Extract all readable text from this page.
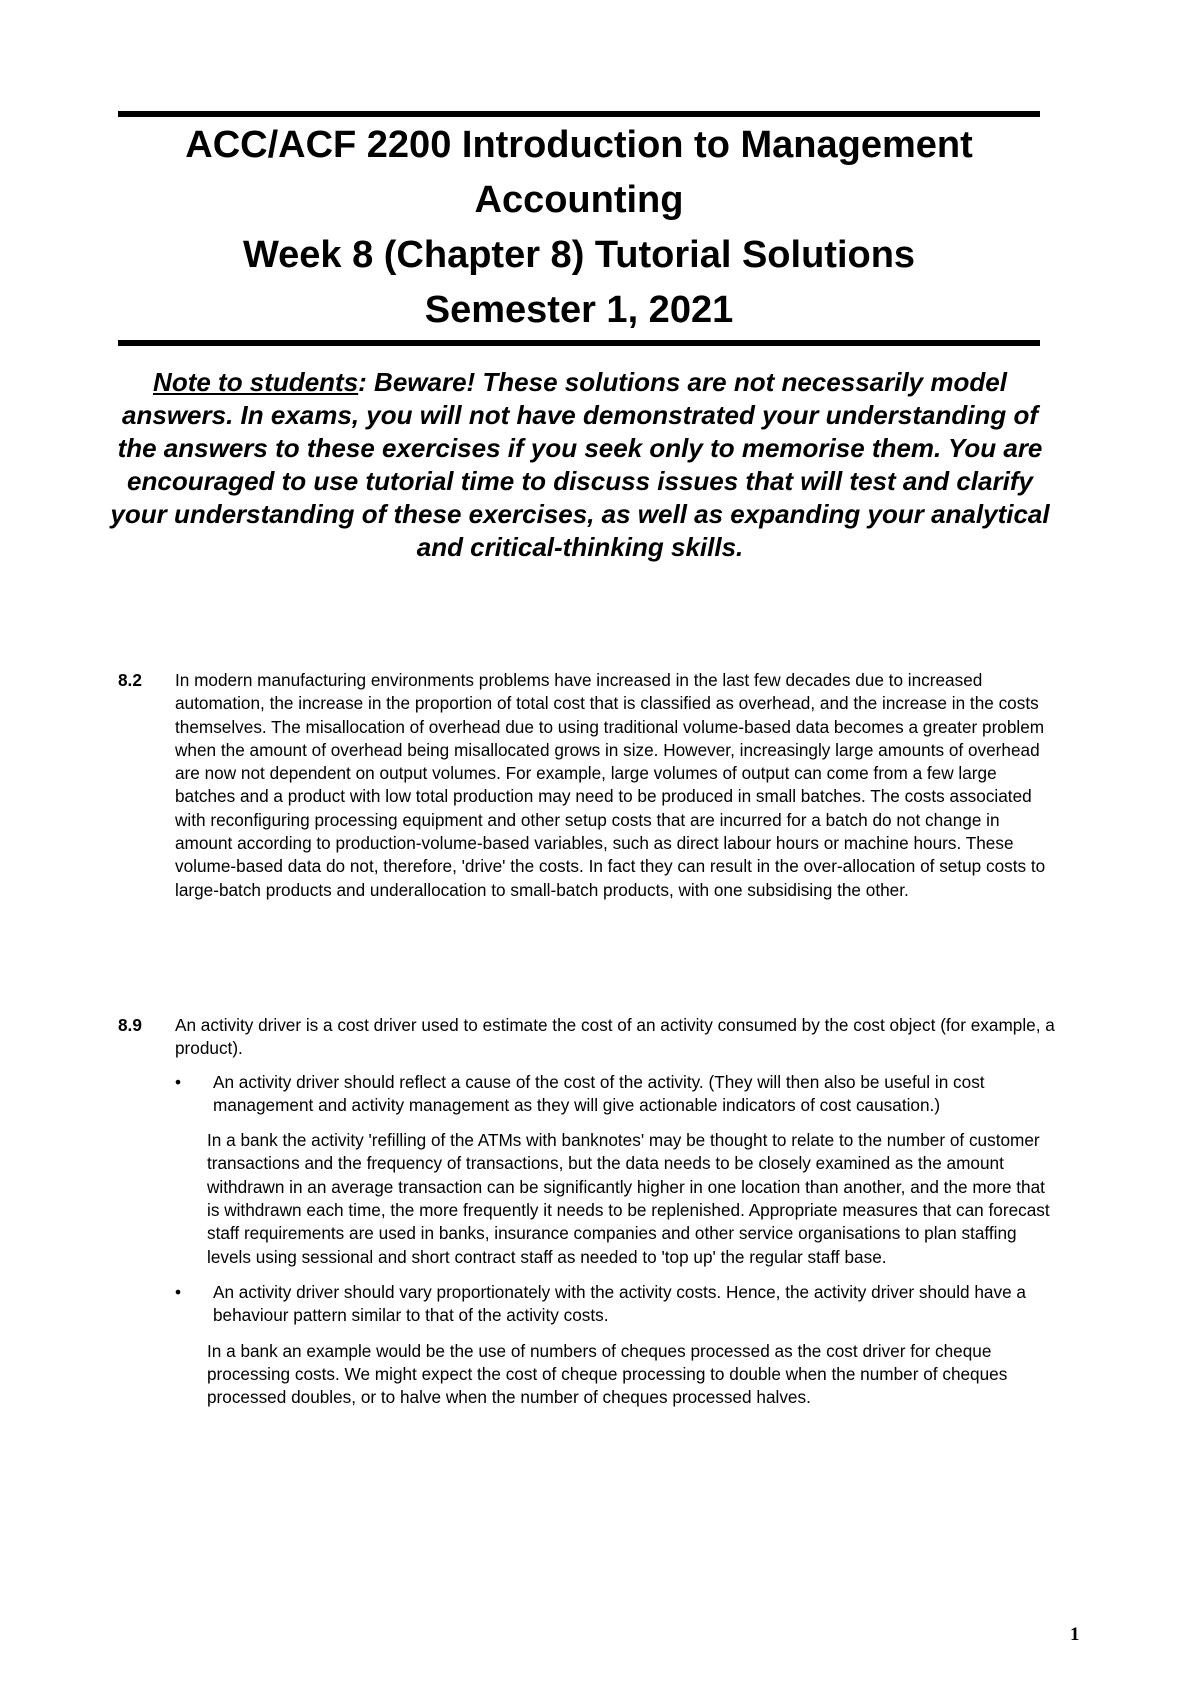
ACC/ACF 2200 Introduction to Management
Accounting
Week 8 (Chapter 8) Tutorial Solutions
Semester 1, 2021
Note to students: Beware! These solutions are not necessarily model answers. In exams, you will not have demonstrated your understanding of the answers to these exercises if you seek only to memorise them. You are encouraged to use tutorial time to discuss issues that will test and clarify your understanding of these exercises, as well as expanding your analytical and critical-thinking skills.
8.2 In modern manufacturing environments problems have increased in the last few decades due to increased automation, the increase in the proportion of total cost that is classified as overhead, and the increase in the costs themselves. The misallocation of overhead due to using traditional volume-based data becomes a greater problem when the amount of overhead being misallocated grows in size. However, increasingly large amounts of overhead are now not dependent on output volumes. For example, large volumes of output can come from a few large batches and a product with low total production may need to be produced in small batches. The costs associated with reconfiguring processing equipment and other setup costs that are incurred for a batch do not change in amount according to production-volume-based variables, such as direct labour hours or machine hours. These volume-based data do not, therefore, 'drive' the costs. In fact they can result in the over-allocation of setup costs to large-batch products and underallocation to small-batch products, with one subsidising the other.

8.9 An activity driver is a cost driver used to estimate the cost of an activity consumed by the cost object (for example, a product).

•	An activity driver should reflect a cause of the cost of the activity. (They will then also be useful in cost management and activity management as they will give actionable indicators of cost causation.)

In a bank the activity 'refilling of the ATMs with banknotes' may be thought to relate to the number of customer transactions and the frequency of transactions, but the data needs to be closely examined as the amount withdrawn in an average transaction can be significantly higher in one location than another, and the more that is withdrawn each time, the more frequently it needs to be replenished. Appropriate measures that can forecast staff requirements are used in banks, insurance companies and other service organisations to plan staffing levels using sessional and short contract staff as needed to 'top up' the regular staff base.

•	An activity driver should vary proportionately with the activity costs. Hence, the activity driver should have a behaviour pattern similar to that of the activity costs.

In a bank an example would be the use of numbers of cheques processed as the cost driver for cheque processing costs. We might expect the cost of cheque processing to double when the number of cheques processed doubles, or to halve when the number of cheques processed halves.

1
